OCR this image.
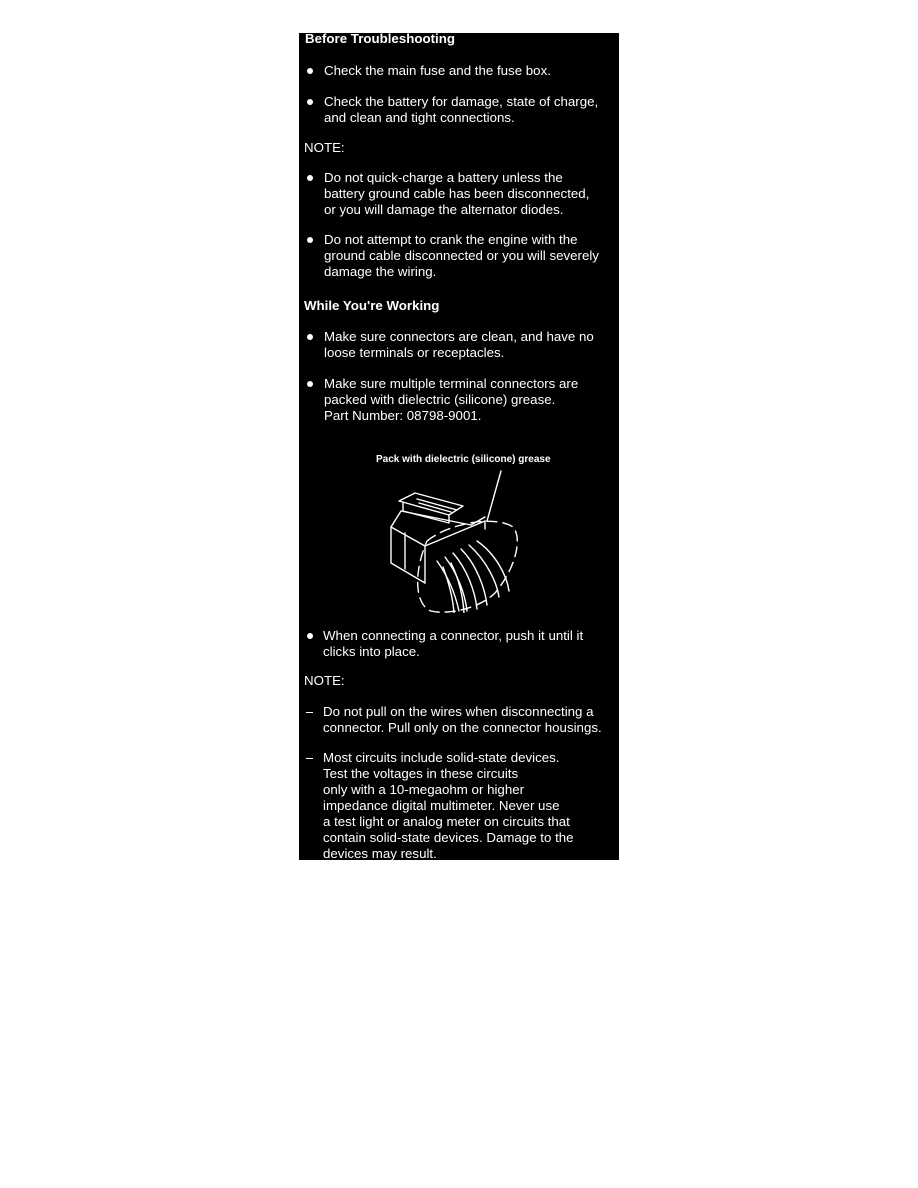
Before Troubleshooting
Check the main fuse and the fuse box.
Check the battery for damage, state of charge,
and clean and tight connections.
NOTE:
Do not quick-charge a battery unless the
battery ground cable has been disconnected,
or you will damage the alternator diodes.
Do not attempt to crank the engine with the
ground cable disconnected or you will severely
damage the wiring.
While You're Working
Make sure connectors are clean, and have no
loose terminals or receptacles.
Make sure multiple terminal connectors are
packed with dielectric (silicone) grease.
Part Number: 08798-9001.
Pack with dielectric (silicone) grease
When connecting a connector, push it until it
clicks into place.
NOTE:
Do not pull on the wires when disconnecting a
connector. Pull only on the connector housings.
Most circuits include solid-state devices.
Test the voltages in these circuits
only with a 10-megaohm or higher
impedance digital multimeter. Never use
a test light or analog meter on circuits that
contain solid-state devices. Damage to the
devices may result.
